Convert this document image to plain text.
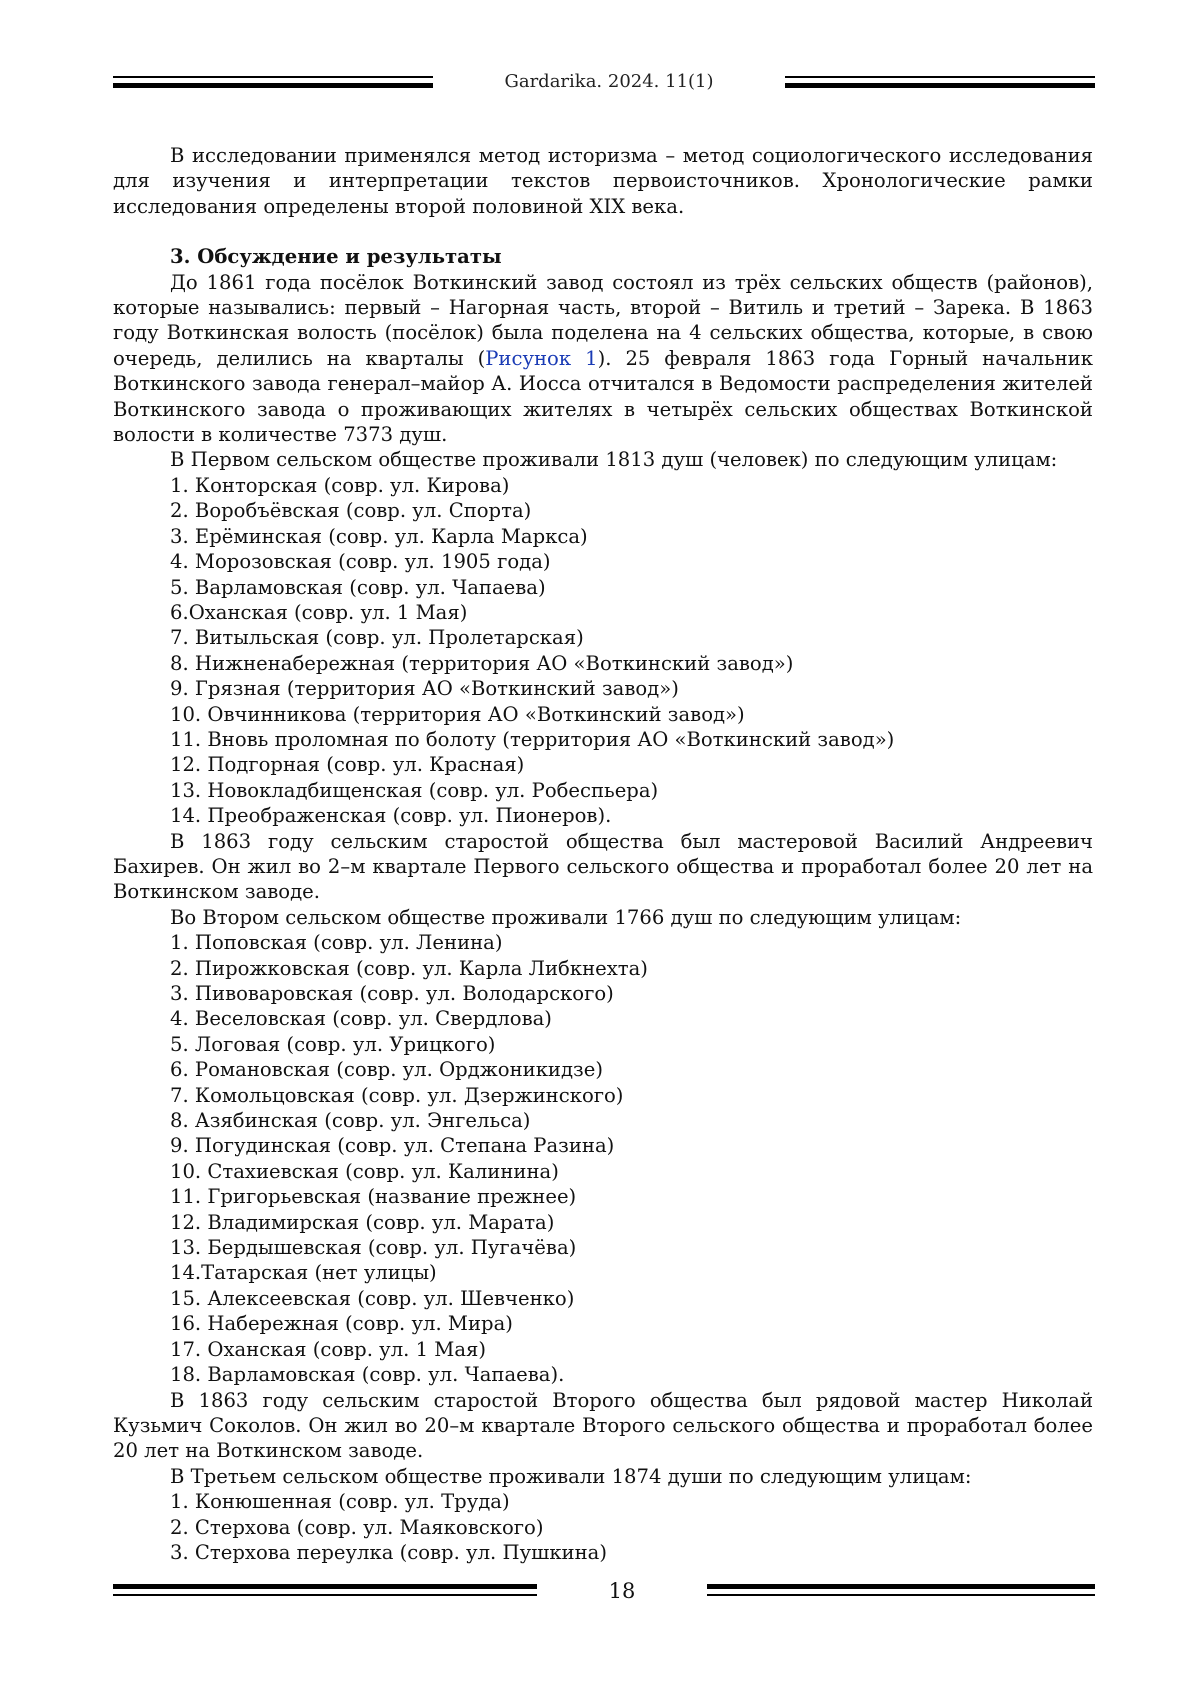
Gardarika. 2024. 11(1)

В исследовании применялся метод историзма – метод социологического исследования для изучения и интерпретации текстов первоисточников. Хронологические рамки исследования определены второй половиной XIX века.

3. Обсуждение и результаты

До 1861 года посёлок Воткинский завод состоял из трёх сельских обществ (районов), которые назывались: первый – Нагорная часть, второй – Витиль и третий – Зарека. В 1863 году Воткинская волость (посёлок) была поделена на 4 сельских общества, которые, в свою очередь, делились на кварталы (Рисунок 1). 25 февраля 1863 года Горный начальник Воткинского завода генерал–майор А. Иосса отчитался в Ведомости распределения жителей Воткинского завода о проживающих жителях в четырёх сельских обществах Воткинской волости в количестве 7373 душ.

В Первом сельском обществе проживали 1813 душ (человек) по следующим улицам:

1. Конторская (совр. ул. Кирова)

2. Воробъёвская (совр. ул. Спорта)

3. Ерёминская (совр. ул. Карла Маркса)

4. Морозовская (совр. ул. 1905 года)

5. Варламовская (совр. ул. Чапаева)

6.Оханская (совр. ул. 1 Мая)

7. Витыльская (совр. ул. Пролетарская)

8. Нижненабережная (территория АО «Воткинский завод»)

9. Грязная (территория АО «Воткинский завод»)

10. Овчинникова (территория АО «Воткинский завод»)

11. Вновь проломная по болоту (территория АО «Воткинский завод»)

12. Подгорная (совр. ул. Красная)

13. Новокладбищенская (совр. ул. Робеспьера)

14. Преображенская (совр. ул. Пионеров).

В 1863 году сельским старостой общества был мастеровой Василий Андреевич Бахирев. Он жил во 2–м квартале Первого сельского общества и проработал более 20 лет на Воткинском заводе.

Во Втором сельском обществе проживали 1766 душ по следующим улицам:

1. Поповская (совр. ул. Ленина)

2. Пирожковская (совр. ул. Карла Либкнехта)

3. Пивоваровская (совр. ул. Володарского)

4. Веселовская (совр. ул. Свердлова)

5. Логовая (совр. ул. Урицкого)

6. Романовская (совр. ул. Орджоникидзе)

7. Комольцовская (совр. ул. Дзержинского)

8. Азябинская (совр. ул. Энгельса)

9. Погудинская (совр. ул. Степана Разина)

10. Стахиевская (совр. ул. Калинина)

11. Григорьевская (название прежнее)

12. Владимирская (совр. ул. Марата)

13. Бердышевская (совр. ул. Пугачёва)

14.Татарская (нет улицы)

15. Алексеевская (совр. ул. Шевченко)

16. Набережная (совр. ул. Мира)

17. Оханская (совр. ул. 1 Мая)

18. Варламовская (совр. ул. Чапаева).

В 1863 году сельским старостой Второго общества был рядовой мастер Николай Кузьмич Соколов. Он жил во 20–м квартале Второго сельского общества и проработал более 20 лет на Воткинском заводе.

В Третьем сельском обществе проживали 1874 души по следующим улицам:

1. Конюшенная (совр. ул. Труда)

2. Стерхова (совр. ул. Маяковского)

3. Стерхова переулка (совр. ул. Пушкина)

18
